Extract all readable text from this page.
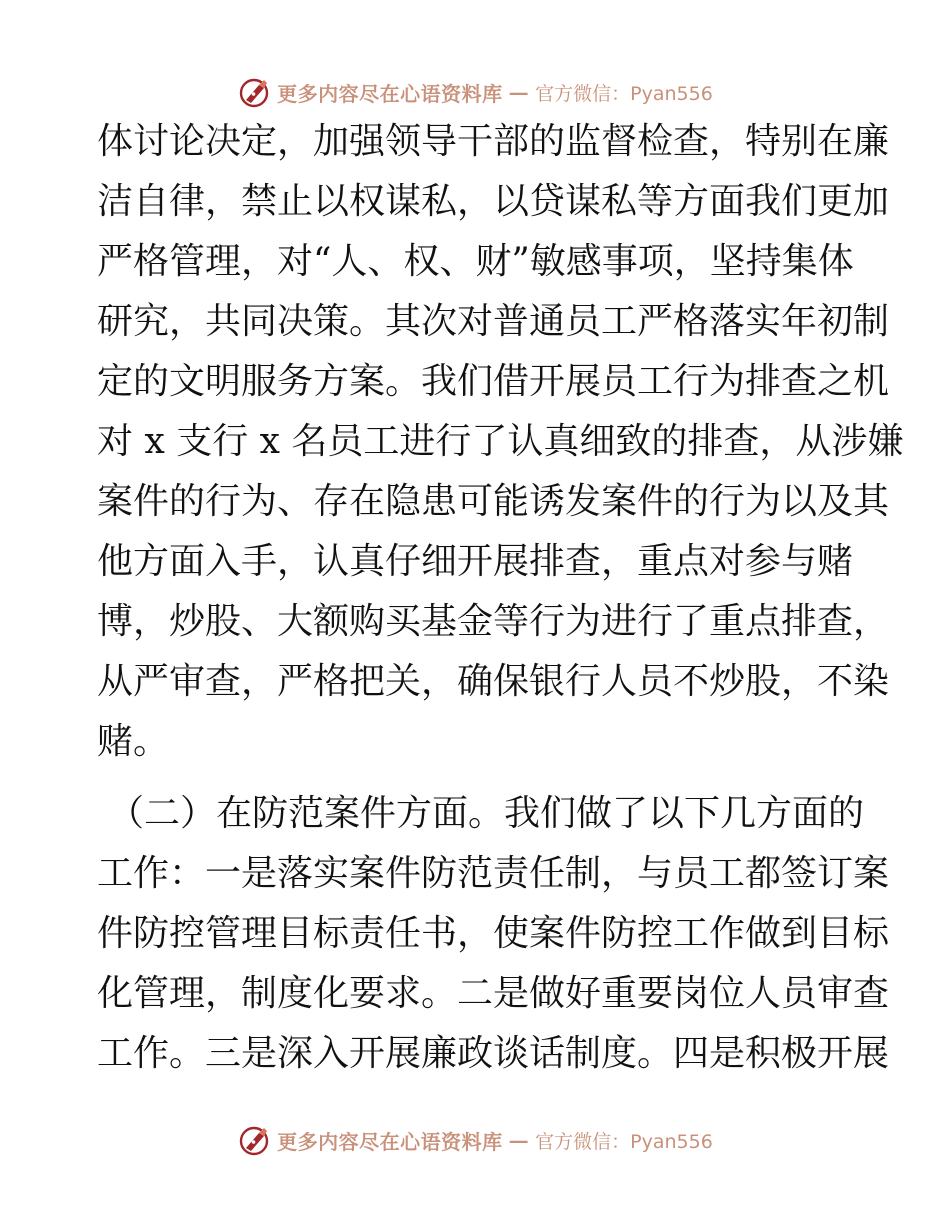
更多内容尽在心语资料库 — 官方微信：Pyan556
体讨论决定，加强领导干部的监督检查，特别在廉
洁自律，禁止以权谋私，以贷谋私等方面我们更加
严格管理，对“人、权、财”敏感事项，坚持集体
研究，共同决策。其次对普通员工严格落实年初制
定的文明服务方案。我们借开展员工行为排查之机
对 x 支行 x 名员工进行了认真细致的排查，从涉嫌
案件的行为、存在隐患可能诱发案件的行为以及其
他方面入手，认真仔细开展排查，重点对参与赌
博，炒股、大额购买基金等行为进行了重点排查，
从严审查，严格把关，确保银行人员不炒股，不染
赌。
（二）在防范案件方面。我们做了以下几方面的
工作：一是落实案件防范责任制，与员工都签订案
件防控管理目标责任书，使案件防控工作做到目标
化管理，制度化要求。二是做好重要岗位人员审查
工作。三是深入开展廉政谈话制度。四是积极开展
更多内容尽在心语资料库 — 官方微信：Pyan556
